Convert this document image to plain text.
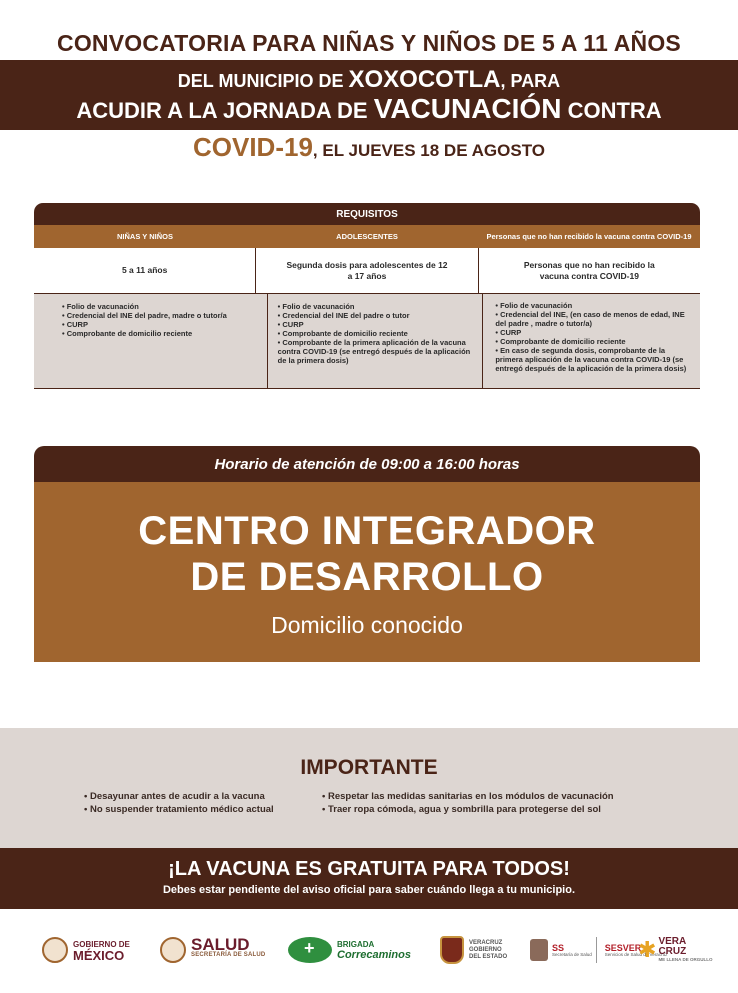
CONVOCATORIA PARA NIÑAS Y NIÑOS DE 5 A 11 AÑOS
DEL MUNICIPIO DE XOXOCOTLA, PARA
ACUDIR A LA JORNADA DE VACUNACIÓN CONTRA
COVID-19, EL JUEVES 18 DE AGOSTO
REQUISITOS
NIÑAS Y NIÑOS	ADOLESCENTES	Personas que no han recibido la vacuna contra COVID-19
5 a 11 años
Segunda dosis para adolescentes de 12 a 17 años
Personas que no han recibido la vacuna contra COVID-19
• Folio de vacunación
• Credencial del INE del padre, madre o tutor/a
• CURP
• Comprobante de domicilio reciente
• Folio de vacunación
• Credencial del INE del padre o tutor
• CURP
• Comprobante de domicilio reciente
• Comprobante de la primera aplicación de la vacuna contra COVID-19 (se entregó después de la aplicación de la primera dosis)
• Folio de vacunación
• Credencial del INE, (en caso de menos de edad, INE del padre , madre o tutor/a)
• CURP
• Comprobante de domicilio reciente
• En caso de segunda dosis, comprobante de la primera aplicación de la vacuna contra COVID-19 (se entregó después de la aplicación de la primera dosis)
Horario de atención de 09:00 a 16:00 horas
CENTRO INTEGRADOR
DE DESARROLLO
Domicilio conocido
IMPORTANTE
• Desayunar antes de acudir a la vacuna
• No suspender tratamiento médico actual
• Respetar las medidas sanitarias en los módulos de vacunación
• Traer ropa cómoda, agua y sombrilla para protegerse del sol
¡LA VACUNA ES GRATUITA PARA TODOS!
Debes estar pendiente del aviso oficial para saber cuándo llega a tu municipio.
GOBIERNO DE
MÉXICO
SALUD
SECRETARÍA DE SALUD
+
BRIGADA
Correcaminos
VERACRUZ
GOBIERNO
DEL ESTADO
SS
Secretaría de Salud
SESVER
Servicios de Salud de Veracruz
✱ VERA
CRUZ
ME LLENA DE ORGULLO
